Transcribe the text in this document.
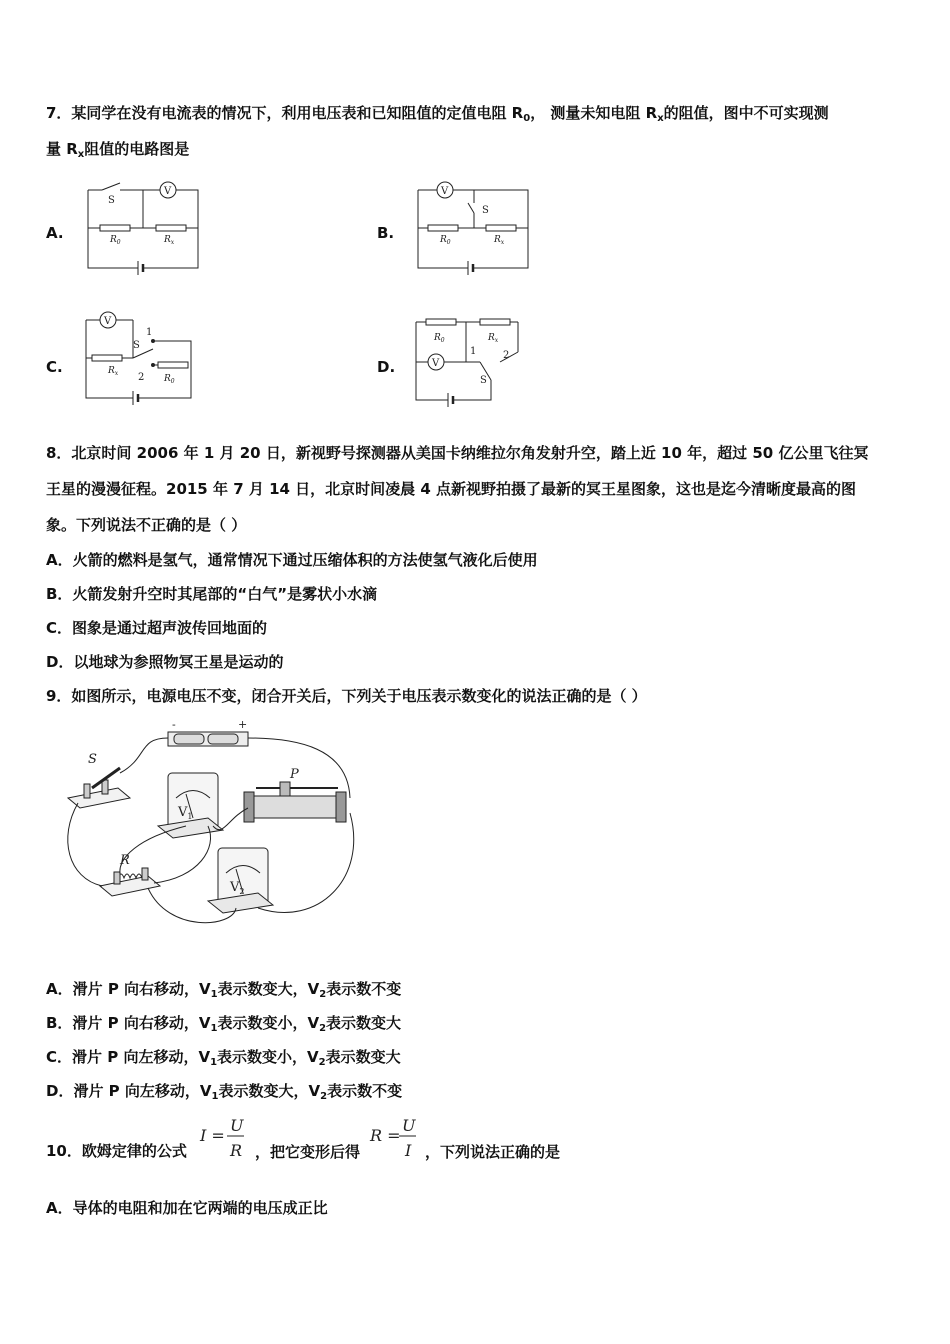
7．某同学在没有电流表的情况下，利用电压表和已知阻值的定值电阻 $R_0$， 测量未知电阻 $R_x$的阻值，图中不可实现测
量 $R_x$阻值的电路图是
A.	B.
C.	D.
V
S
$R_0$	$R_x$
V
S
$R_0$	$R_x$
V
1
2
S
$R_x$
$R_0$
$R_0$	$R_x$
V
1	2
S
8．北京时间 2006 年 1 月 20 日，新视野号探测器从美国卡纳维拉尔角发射升空，踏上近 10 年，超过 50 亿公里飞往冥
王星的漫漫征程。2015 年 7 月 14 日，北京时间凌晨 4 点新视野拍摄了最新的冥王星图象，这也是迄今清晰度最高的图
象。下列说法不正确的是（ ）
A．火箭的燃料是氢气，通常情况下通过压缩体积的方法使氢气液化后使用
B．火箭发射升空时其尾部的“白气”是雾状小水滴
C．图象是通过超声波传回地面的
D．以地球为参照物冥王星是运动的
9．如图所示，电源电压不变，闭合开关后，下列关于电压表示数变化的说法正确的是（ ）
-	+
S
$V_1$
P
R
$V_2$
A．滑片 P 向右移动，$V_1$表示数变大，$V_2$表示数不变
B．滑片 P 向右移动，$V_1$表示数变小，$V_2$表示数变大
C．滑片 P 向左移动，$V_1$表示数变小，$V_2$表示数变大
D．滑片 P 向左移动，$V_1$表示数变大，$V_2$表示数不变
10．欧姆定律的公式
I =
U
R ，把它变形后得
R =
U
I ，下列说法正确的是
A．导体的电阻和加在它两端的电压成正比
